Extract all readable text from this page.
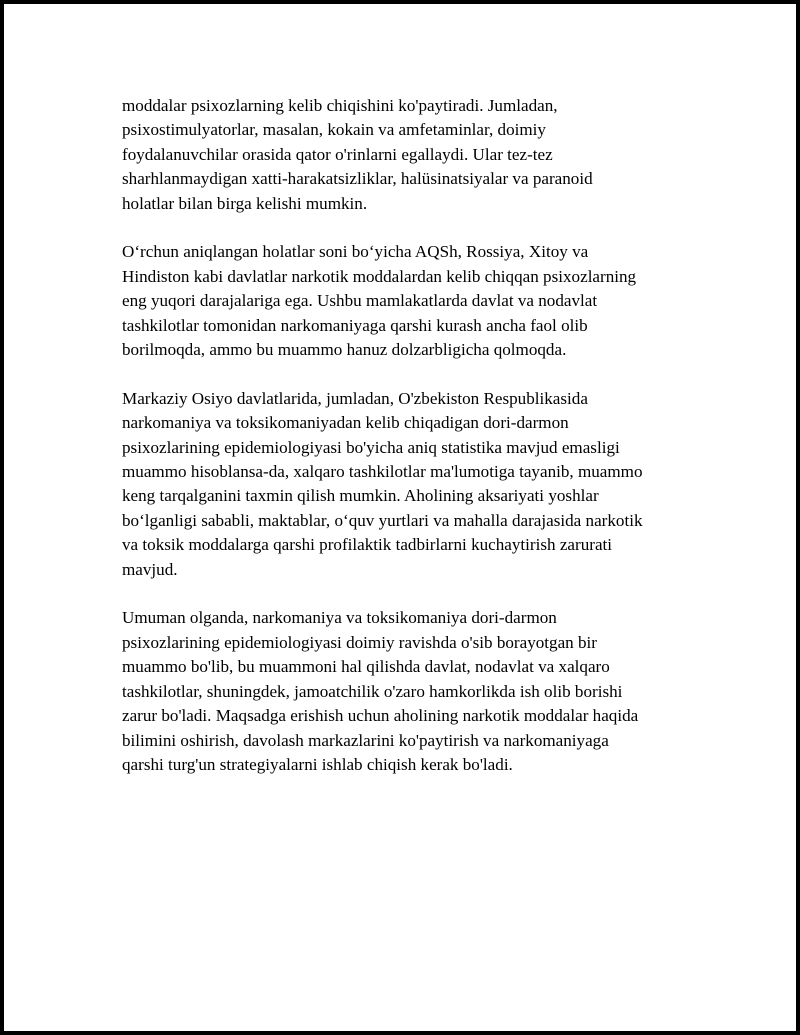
moddalar psixozlarning kelib chiqishini ko'paytiradi. Jumladan,
psixostimulyatorlar, masalan, kokain va amfetaminlar, doimiy
foydalanuvchilar orasida qator o'rinlarni egallaydi. Ular tez-tez
sharhlanmaydigan xatti-harakatsizliklar, halüsinatsiyalar va paranoid
holatlar bilan birga kelishi mumkin.

O‘rchun aniqlangan holatlar soni bo‘yicha AQSh, Rossiya, Xitoy va
Hindiston kabi davlatlar narkotik moddalardan kelib chiqqan psixozlarning
eng yuqori darajalariga ega. Ushbu mamlakatlarda davlat va nodavlat
tashkilotlar tomonidan narkomaniyaga qarshi kurash ancha faol olib
borilmoqda, ammo bu muammo hanuz dolzarbligicha qolmoqda.

Markaziy Osiyo davlatlarida, jumladan, O'zbekiston Respublikasida
narkomaniya va toksikomaniyadan kelib chiqadigan dori-darmon
psixozlarining epidemiologiyasi bo'yicha aniq statistika mavjud emasligi
muammo hisoblansa-da, xalqaro tashkilotlar ma'lumotiga tayanib, muammo
keng tarqalganini taxmin qilish mumkin. Aholining aksariyati yoshlar
bo‘lganligi sababli, maktablar, o‘quv yurtlari va mahalla darajasida narkotik
va toksik moddalarga qarshi profilaktik tadbirlarni kuchaytirish zarurati
mavjud.

Umuman olganda, narkomaniya va toksikomaniya dori-darmon
psixozlarining epidemiologiyasi doimiy ravishda o'sib borayotgan bir
muammo bo'lib, bu muammoni hal qilishda davlat, nodavlat va xalqaro
tashkilotlar, shuningdek, jamoatchilik o'zaro hamkorlikda ish olib borishi
zarur bo'ladi. Maqsadga erishish uchun aholining narkotik moddalar haqida
bilimini oshirish, davolash markazlarini ko'paytirish va narkomaniyaga
qarshi turg'un strategiyalarni ishlab chiqish kerak bo'ladi.
